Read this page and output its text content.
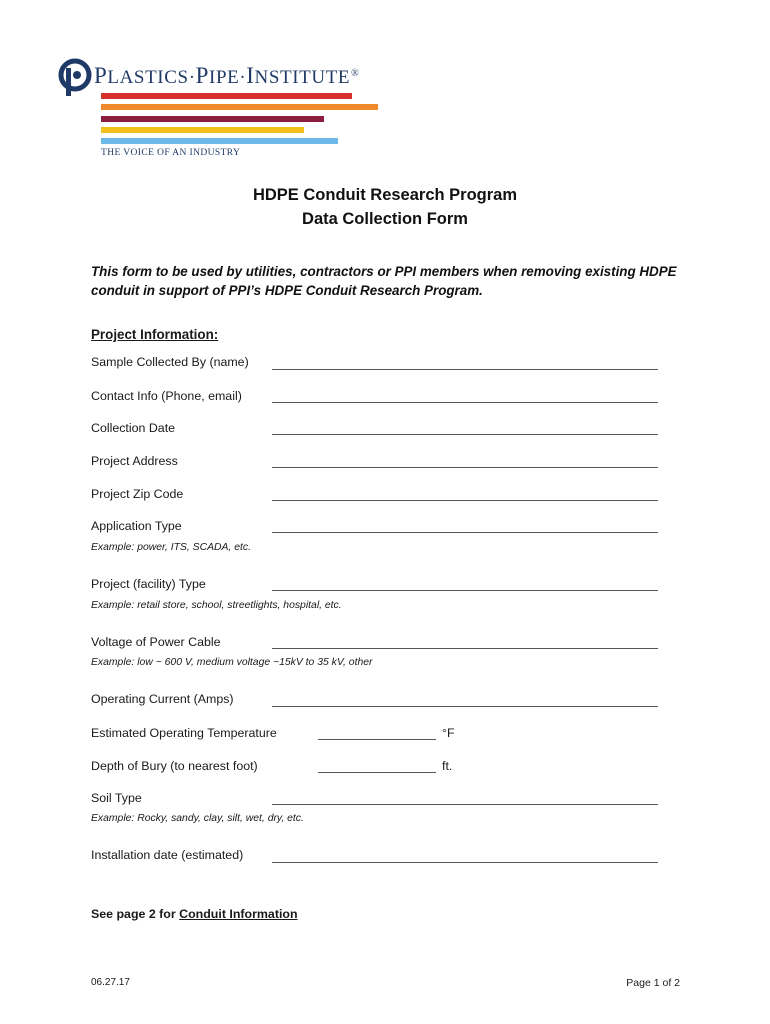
PLASTICS·PIPE·INSTITUTE®
THE VOICE OF AN INDUSTRY
HDPE Conduit Research Program
Data Collection Form
This form to be used by utilities, contractors or PPI members when removing existing HDPE conduit in support of PPI’s HDPE Conduit Research Program.
Project Information:
Sample Collected By (name)
Contact Info (Phone, email)
Collection Date
Project Address
Project Zip Code
Application Type
Example: power, ITS, SCADA, etc.
Project (facility) Type
Example: retail store, school, streetlights, hospital, etc.
Voltage of Power Cable
Example: low ~ 600 V, medium voltage ~15kV to 35 kV, other
Operating Current (Amps)
Estimated Operating Temperature	°F
Depth of Bury (to nearest foot)	ft.
Soil Type
Example: Rocky, sandy, clay, silt, wet, dry, etc.
Installation date (estimated)
See page 2 for Conduit Information
06.27.17	Page 1 of 2
